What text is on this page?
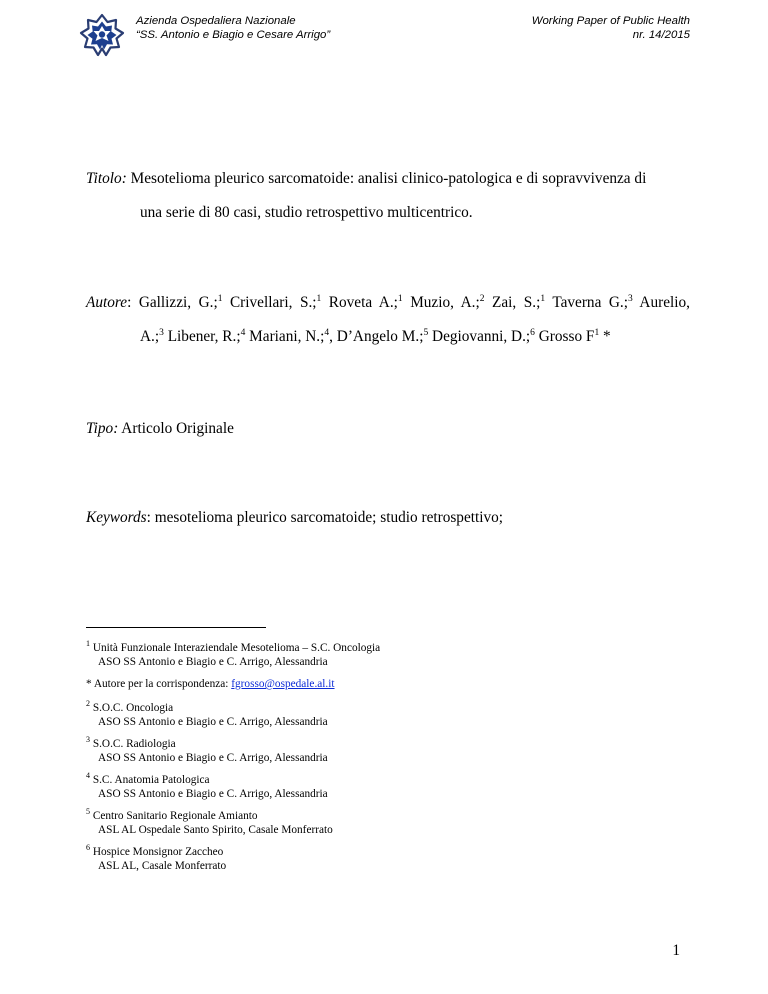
Azienda Ospedaliera Nazionale
“SS. Antonio e Biagio e Cesare Arrigo”
Working Paper of Public Health
nr. 14/2015
Titolo: Mesotelioma pleurico sarcomatoide: analisi clinico-patologica e di sopravvivenza di
una serie di 80 casi, studio retrospettivo multicentrico.
Autore: Gallizzi, G.;$^1$ Crivellari, S.;$^1$ Roveta A.;$^1$ Muzio, A.;$^2$ Zai, S.;$^1$ Taverna G.;$^3$ Aurelio,
A.;$^3$ Libener, R.;$^4$ Mariani, N.;$^4$, D’Angelo M.;$^5$ Degiovanni, D.;$^6$ Grosso $F^1$ *
Tipo: Articolo Originale
Keywords: mesotelioma pleurico sarcomatoide; studio retrospettivo;
$^1$ Unità Funzionale Interaziendale Mesotelioma – S.C. Oncologia
ASO SS Antonio e Biagio e C. Arrigo, Alessandria
* Autore per la corrispondenza: fgrosso@ospedale.al.it
$^2$ S.O.C. Oncologia
ASO SS Antonio e Biagio e C. Arrigo, Alessandria
$^3$ S.O.C. Radiologia
ASO SS Antonio e Biagio e C. Arrigo, Alessandria
$^4$ S.C. Anatomia Patologica
ASO SS Antonio e Biagio e C. Arrigo, Alessandria
$^5$ Centro Sanitario Regionale Amianto
ASL AL Ospedale Santo Spirito, Casale Monferrato
$^6$ Hospice Monsignor Zaccheo
ASL AL, Casale Monferrato
1
